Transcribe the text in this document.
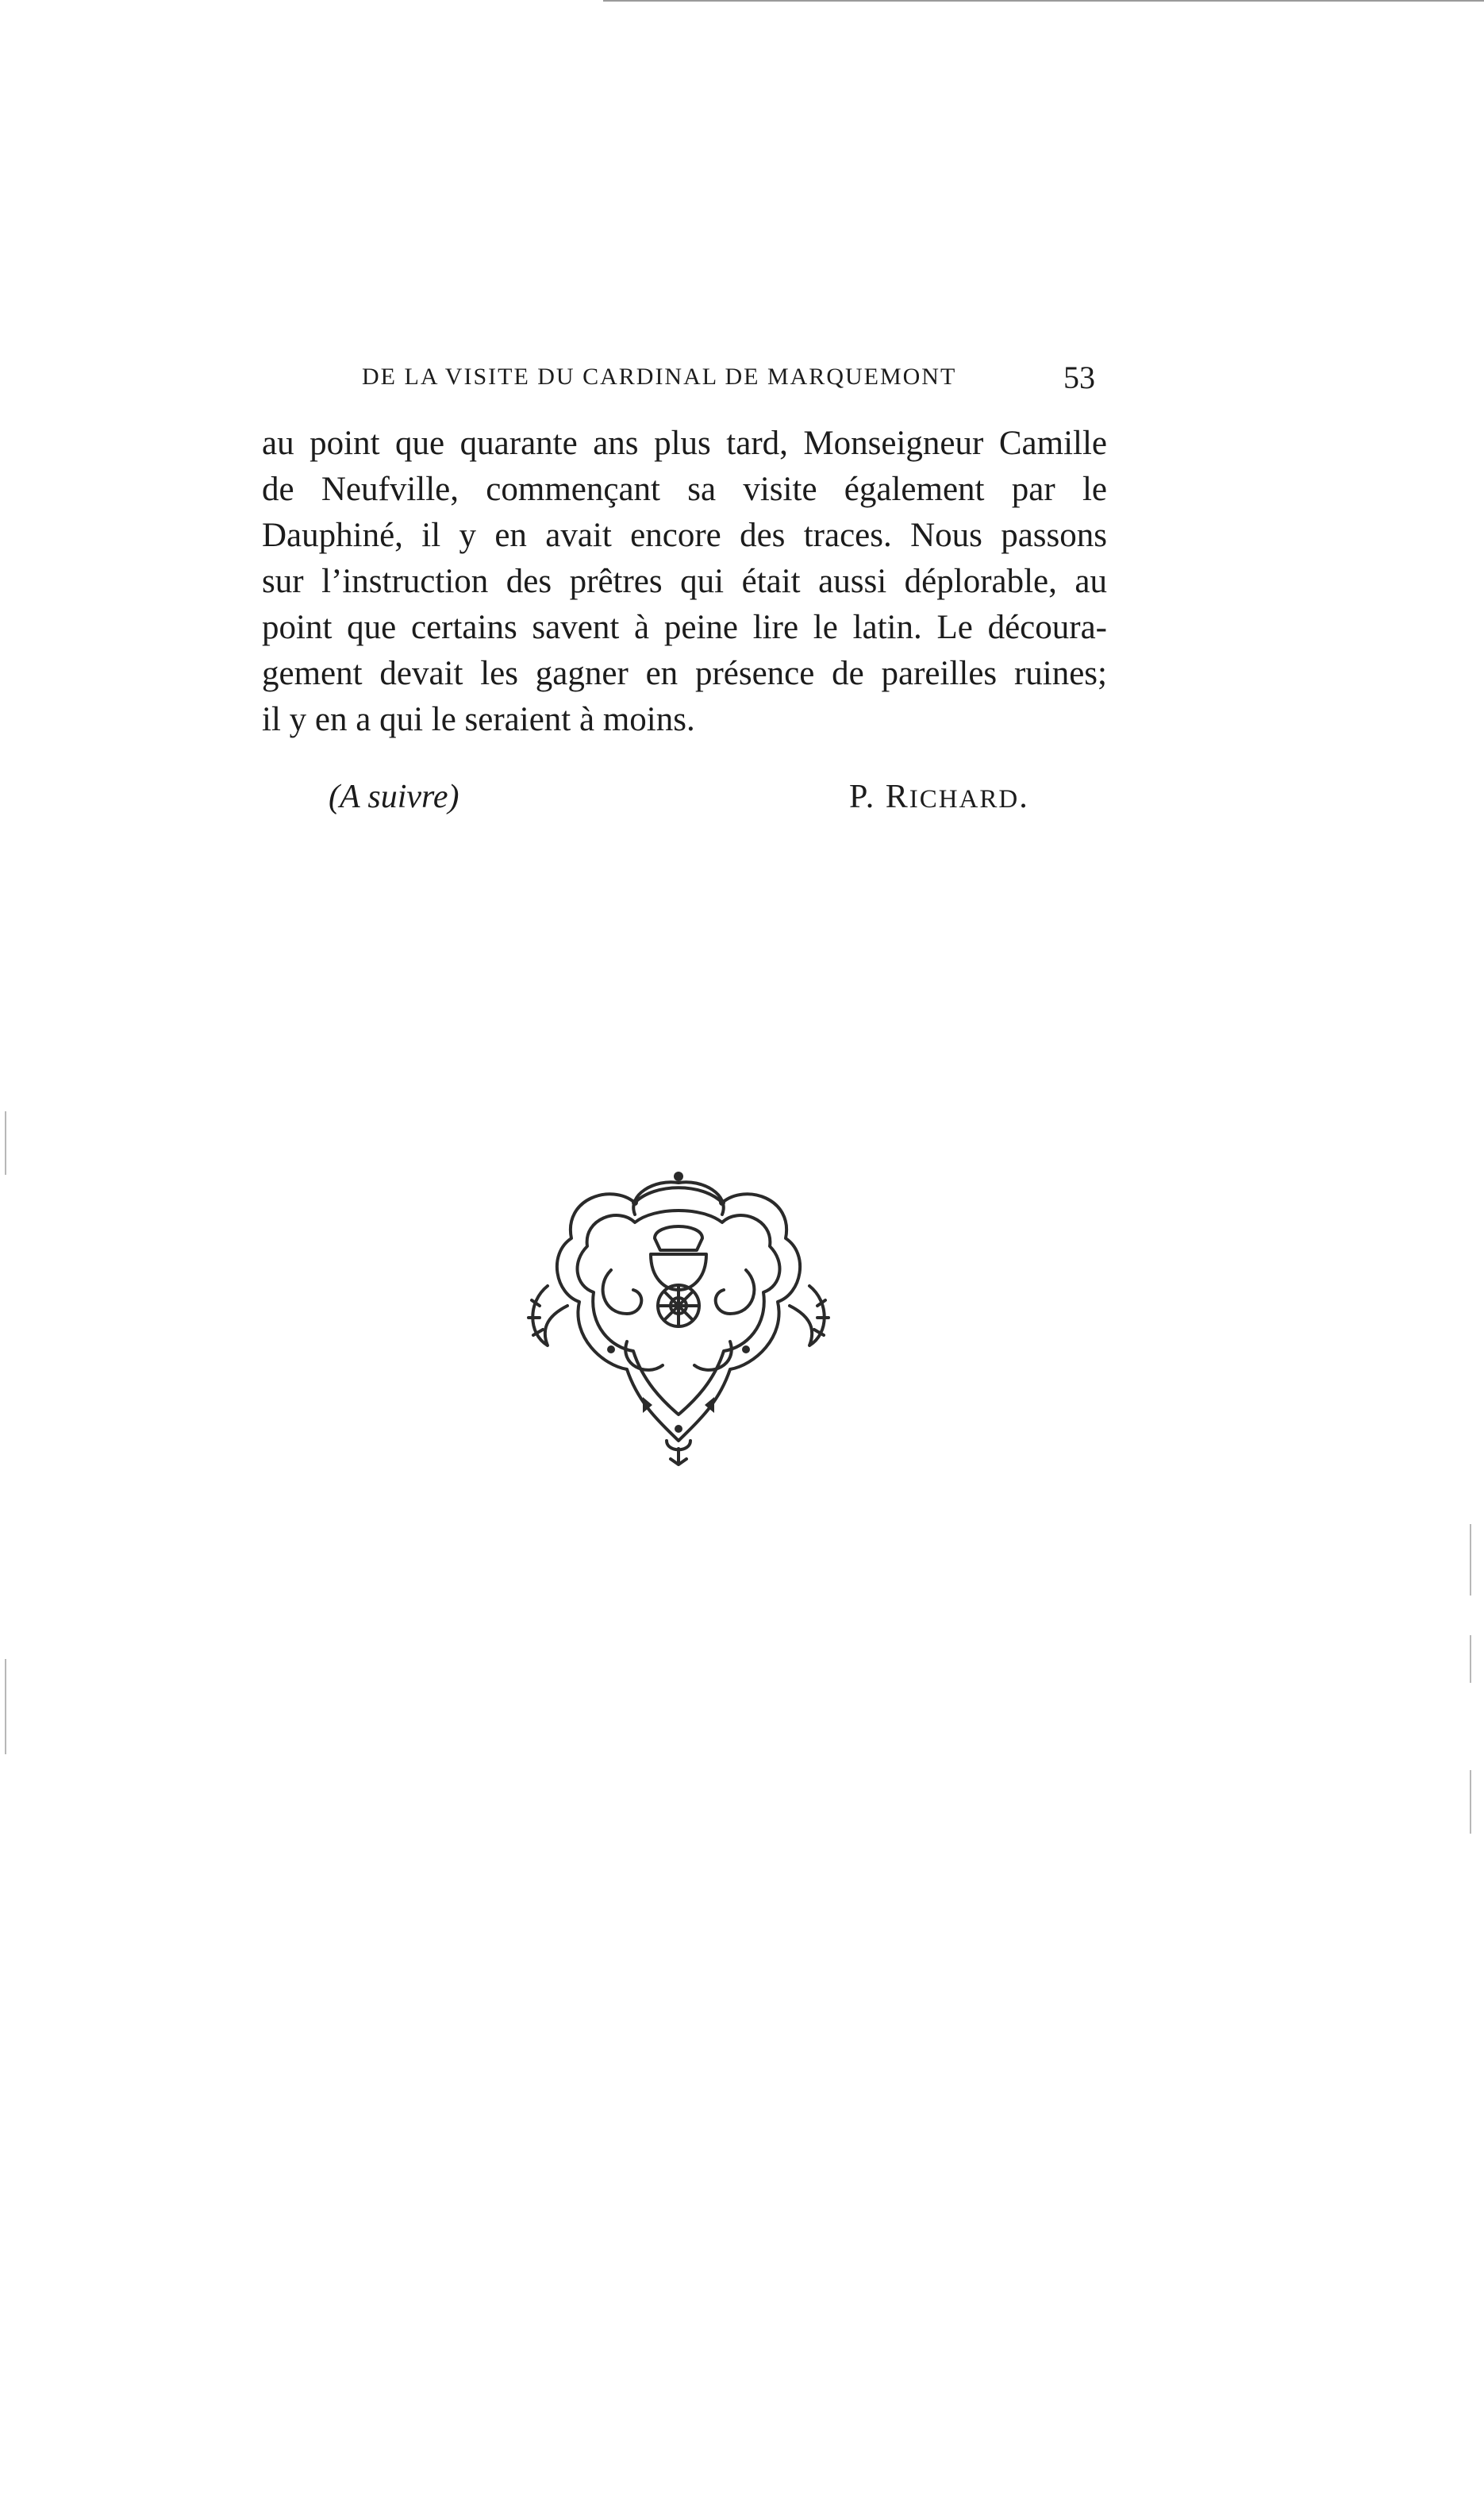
DE LA VISITE DU CARDINAL DE MARQUEMONT	53
au point que quarante ans plus tard, Monseigneur Camille
de Neufville, commençant sa visite également par le
Dauphiné, il y en avait encore des traces. Nous passons
sur l’instruction des prêtres qui était aussi déplorable, au
point que certains savent à peine lire le latin. Le découra-
gement devait les gagner en présence de pareilles ruines;
il y en a qui le seraient à moins.
(A suivre)	P. RICHARD.
